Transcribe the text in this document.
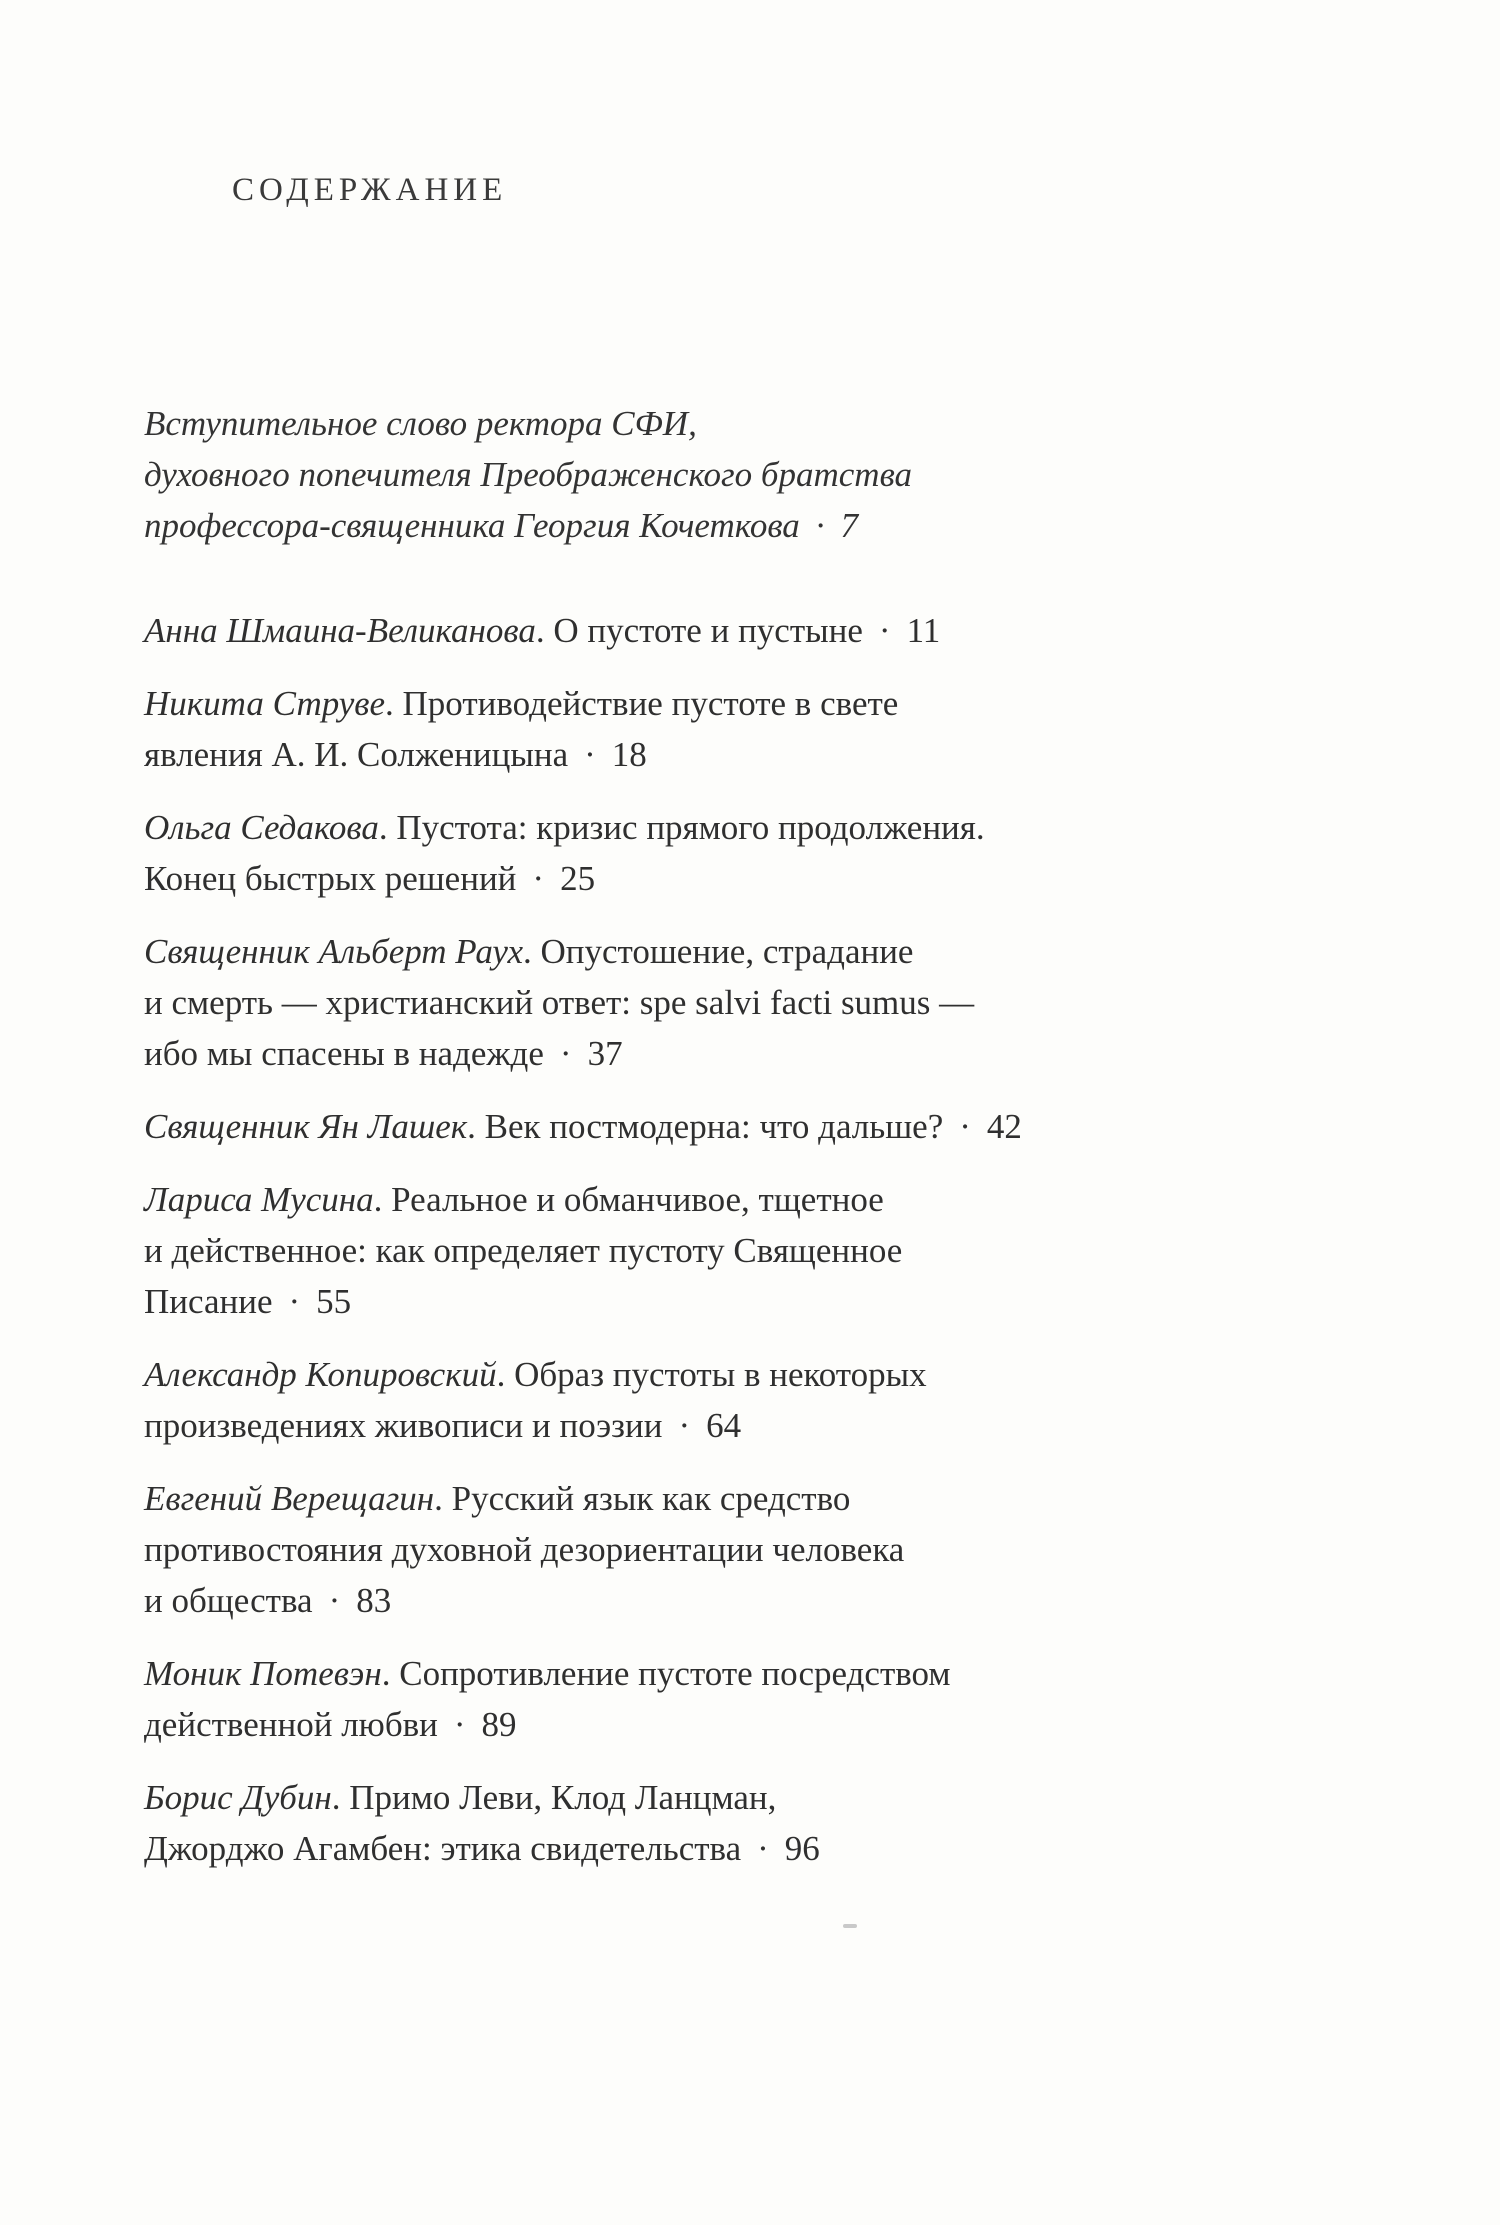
СОДЕРЖАНИЕ
Вступительное слово ректора СФИ,
духовного попечителя Преображенского братства
профессора-священника Георгия Кочеткова · 7
Анна Шмаина-Великанова. О пустоте и пустыне · 11
Никита Струве. Противодействие пустоте в свете
явления А. И. Солженицына · 18
Ольга Седакова. Пустота: кризис прямого продолжения.
Конец быстрых решений · 25
Священник Альберт Раух. Опустошение, страдание
и смерть — христианский ответ: spe salvi facti sumus —
ибо мы спасены в надежде · 37
Священник Ян Лашек. Век постмодерна: что дальше? · 42
Лариса Мусина. Реальное и обманчивое, тщетное
и действенное: как определяет пустоту Священное
Писание · 55
Александр Копировский. Образ пустоты в некоторых
произведениях живописи и поэзии · 64
Евгений Верещагин. Русский язык как средство
противостояния духовной дезориентации человека
и общества · 83
Моник Потевэн. Сопротивление пустоте посредством
действенной любви · 89
Борис Дубин. Примо Леви, Клод Ланцман,
Джорджо Агамбен: этика свидетельства · 96
